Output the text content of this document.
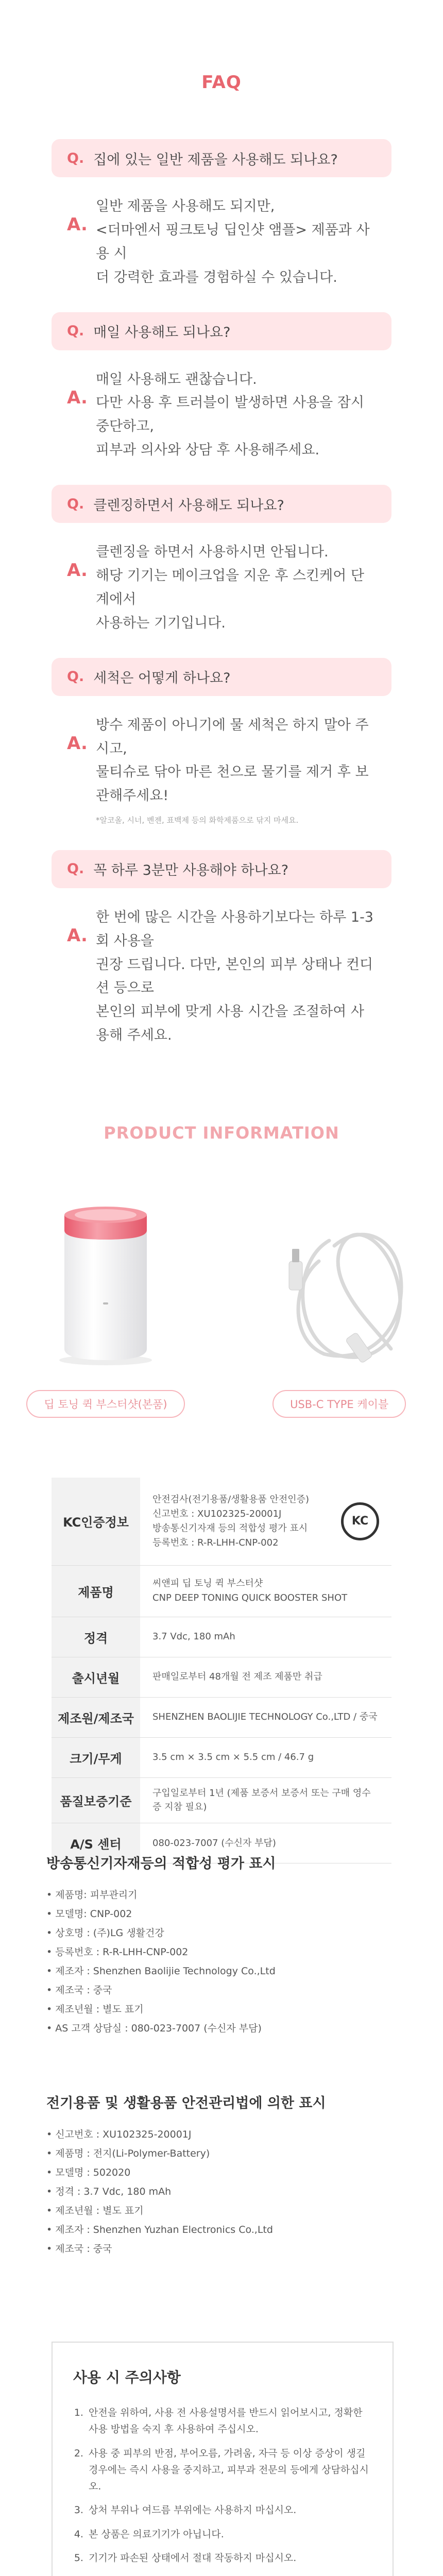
FAQ
Q. 집에 있는 일반 제품을 사용해도 되나요?
A.
일반 제품을 사용해도 되지만,
<더마엔서 핑크토닝 딥인샷 앰플> 제품과 사용 시
더 강력한 효과를 경험하실 수 있습니다.
Q. 매일 사용해도 되나요?
A.
매일 사용해도 괜찮습니다.
다만 사용 후 트러블이 발생하면 사용을 잠시 중단하고,
피부과 의사와 상담 후 사용해주세요.
Q. 클렌징하면서 사용해도 되나요?
A.
클렌징을 하면서 사용하시면 안됩니다.
해당 기기는 메이크업을 지운 후 스킨케어 단계에서
사용하는 기기입니다.
Q. 세척은 어떻게 하나요?
A.
방수 제품이 아니기에 물 세척은 하지 말아 주시고,
물티슈로 닦아 마른 천으로 물기를 제거 후 보관해주세요!
*알코올, 시너, 벤젠, 표백제 등의 화학제품으로 닦지 마세요.
Q. 꼭 하루 3분만 사용해야 하나요?
A.
한 번에 많은 시간을 사용하기보다는 하루 1-3회 사용을
권장 드립니다. 다만, 본인의 피부 상태나 컨디션 등으로
본인의 피부에 맞게 사용 시간을 조절하여 사용해 주세요.
PRODUCT INFORMATION
딥 토닝 퀵 부스터샷(본품)	USB-C TYPE 케이블
KC인증정보	안전검사(전기용품/생활용품 안전인증)
신고번호 : XU102325-20001J
방송통신기자재 등의 적합성 평가 표시
등록번호 : R-R-LHH-CNP-002
KC

제품명	씨앤피 딥 토닝 퀵 부스터샷
CNP DEEP TONING QUICK BOOSTER SHOT

정격	3.7 Vdc, 180 mAh

출시년월	판매일로부터 48개월 전 제조 제품만 취급

제조원/제조국	SHENZHEN BAOLIJIE TECHNOLOGY Co.,LTD / 중국

크기/무게	3.5 cm × 3.5 cm × 5.5 cm / 46.7 g

품질보증기준	구입일로부터 1년 (제품 보증서 보증서 또는 구매 영수증 지참 필요)

A/S 센터	080-023-7007 (수신자 부담)
방송통신기자재등의 적합성 평가 표시
• 제품명: 피부관리기
• 모델명: CNP-002
• 상호명 : (주)LG 생활건강
• 등록번호 : R-R-LHH-CNP-002
• 제조자 : Shenzhen Baolijie Technology Co.,Ltd
• 제조국 : 중국
• 제조년월 : 별도 표기
• AS 고객 상담실 : 080-023-7007 (수신자 부담)
전기용품 및 생활용품 안전관리법에 의한 표시
• 신고번호 : XU102325-20001J
• 제품명 : 전지(Li-Polymer-Battery)
• 모델명 : 502020
• 정격 : 3.7 Vdc, 180 mAh
• 제조년월 : 별도 표기
• 제조자 : Shenzhen Yuzhan Electronics Co.,Ltd
• 제조국 : 중국
사용 시 주의사항
1. 안전을 위하여, 사용 전 사용설명서를 반드시 읽어보시고, 정확한 사용 방법을 숙지 후 사용하여 주십시오.
2. 사용 중 피부의 반점, 부어오름, 가려움, 자극 등 이상 증상이 생길 경우에는 즉시 사용을 중지하고, 피부과 전문의 등에게 상담하십시오.
3. 상처 부위나 여드름 부위에는 사용하지 마십시오.
4. 본 상품은 의료기기가 아닙니다.
5. 기기가 파손된 상태에서 절대 작동하지 마십시오.
6.
